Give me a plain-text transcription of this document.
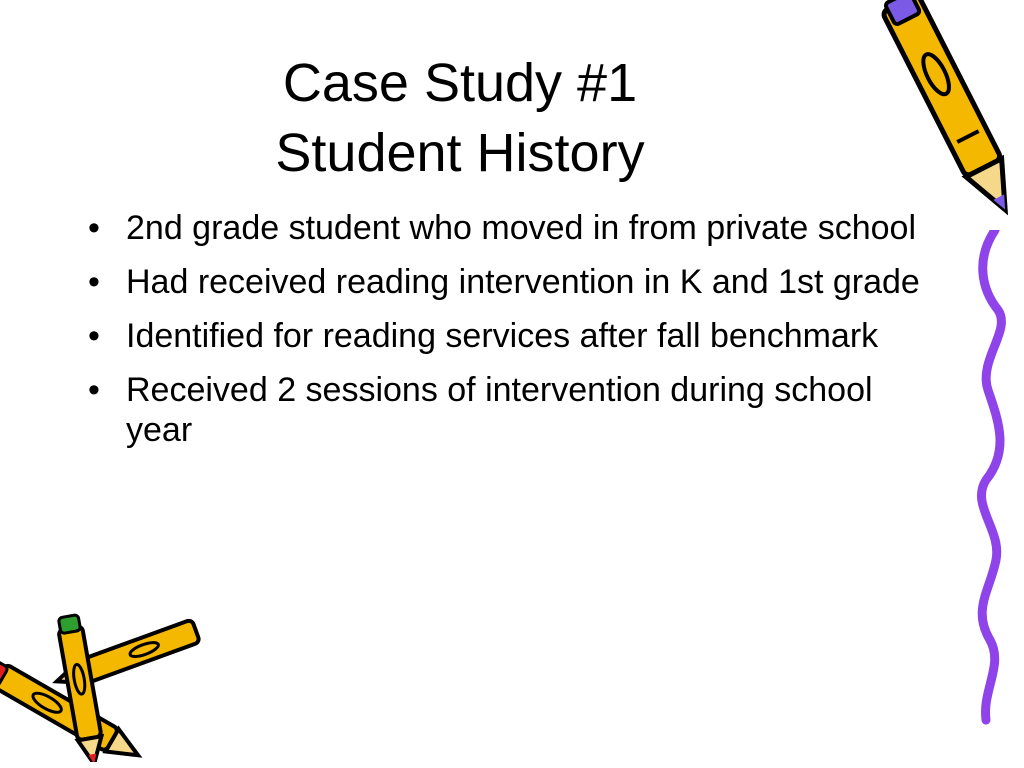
Case Study #1
Student History
• 2nd grade student who moved in from private school
• Had received reading intervention in K and 1st grade
• Identified for reading services after fall benchmark
• Received 2 sessions of intervention during school year
